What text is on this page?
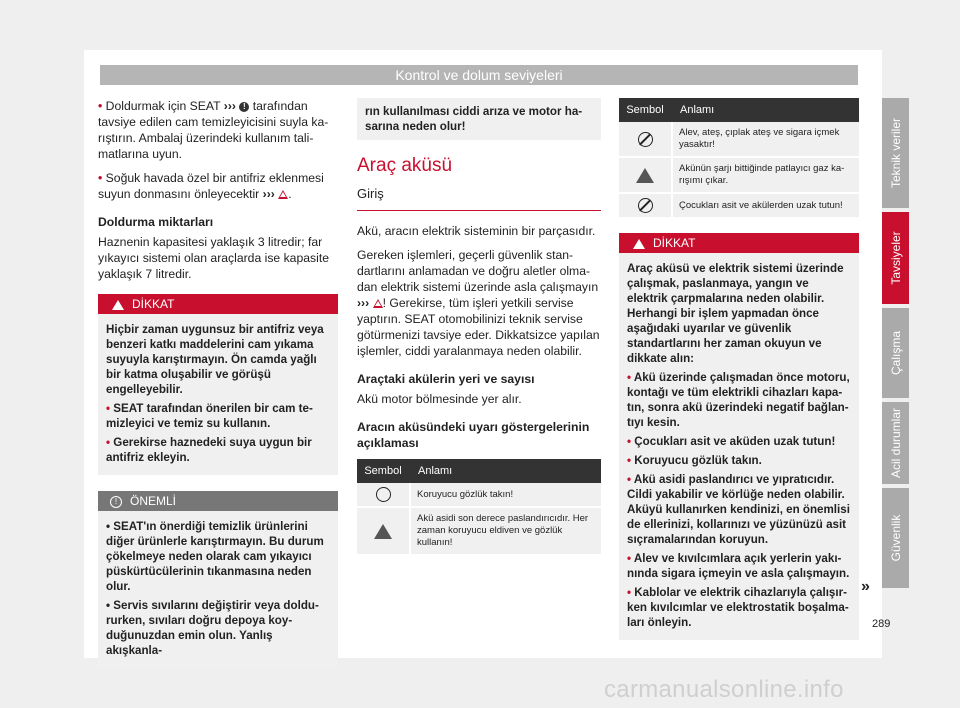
Kontrol ve dolum seviyeleri

• Doldurmak için SEAT ››› ! tarafından tavsiye edilen cam temizleyicisini suyla karıştırın. Ambalaj üzerindeki kullanım talimatlarına uyun.

• Soğuk havada özel bir antifriz eklenmesi suyun donmasını önleyecektir ››› .

Doldurma miktarları

Haznenin kapasitesi yaklaşık 3 litredir; far yıkayıcı sistemi olan araçlarda ise kapasite yaklaşık 7 litredir.

DİKKAT

Hiçbir zaman uygunsuz bir antifriz veya benzeri katkı maddelerini cam yıkama suyuyla karıştırmayın. Ön camda yağlı bir katma oluşabilir ve görüşü engelleyebilir.

• SEAT tarafından önerilen bir cam temizleyici ve temiz su kullanın.

• Gerekirse haznedeki suya uygun bir antifriz ekleyin.

! ÖNEMLİ

• SEAT'ın önerdiği temizlik ürünlerini diğer ürünlerle karıştırmayın. Bu durum çökelmeye neden olarak cam yıkayıcı püskürtücülerinin tıkanmasına neden olur.

• Servis sıvılarını değiştirir veya doldururken, sıvıları doğru depoya koyduğunuzdan emin olun. Yanlış akışkanla-

rın kullanılması ciddi arıza ve motor hasarına neden olur!
Araç aküsü
Giriş

Akü, aracın elektrik sisteminin bir parçasıdır.

Gereken işlemleri, geçerli güvenlik standartlarını anlamadan ve doğru aletler olmadan elektrik sistemi üzerinde asla çalışmayın ››› ! Gerekirse, tüm işleri yetkili servise yaptırın. SEAT otomobilinizi teknik servise götürmenizi tavsiye eder. Dikkatsizce yapılan işlemler, ciddi yaralanmaya neden olabilir.

Araçtaki akülerin yeri ve sayısı

Akü motor bölmesinde yer alır.

Aracın aküsündeki uyarı göstergelerinin açıklaması
Sembol	Anlamı
	Koruyucu gözlük takın!
	Akü asidi son derece paslandırıcıdır. Her zaman koruyucu eldiven ve gözlük kullanın!
Sembol	Anlamı
	Alev, ateş, çıplak ateş ve sigara içmek yasaktır!
	Akünün şarjı bittiğinde patlayıcı gaz karışımı çıkar.
	Çocukları asit ve akülerden uzak tutun!
DİKKAT

Araç aküsü ve elektrik sistemi üzerinde çalışmak, paslanmaya, yangın ve elektrik çarpmalarına neden olabilir. Herhangi bir işlem yapmadan önce aşağıdaki uyarılar ve güvenlik standartlarını her zaman okuyun ve dikkate alın:

• Akü üzerinde çalışmadan önce motoru, kontağı ve tüm elektrikli cihazları kapatın, sonra akü üzerindeki negatif bağlantıyı kesin.

• Çocukları asit ve aküden uzak tutun!

• Koruyucu gözlük takın.

• Akü asidi paslandırıcı ve yıpratıcıdır. Cildi yakabilir ve körlüğe neden olabilir. Aküyü kullanırken kendinizi, en önemlisi de ellerinizi, kollarınızı ve yüzünüzü asit sıçramalarından koruyun.

• Alev ve kıvılcımlara açık yerlerin yakınında sigara içmeyin ve asla çalışmayın.

• Kablolar ve elektrik cihazlarıyla çalışırken kıvılcımlar ve elektrostatik boşalmaları önleyin.

»
Teknik veriler
Tavsiyeler
Çalışma
Acil durumlar
Güvenlik
289
carmanualsonline.info
